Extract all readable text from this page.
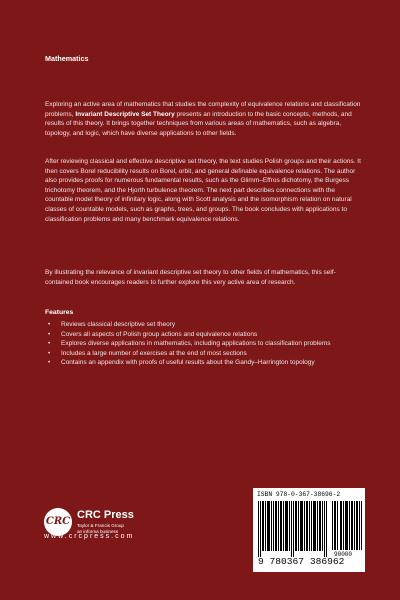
Mathematics
Exploring an active area of mathematics that studies the complexity of equivalence relations and classification problems, Invariant Descriptive Set Theory presents an introduction to the basic concepts, methods, and results of this theory. It brings together techniques from various areas of mathematics, such as algebra, topology, and logic, which have diverse applications to other fields.
After reviewing classical and effective descriptive set theory, the text studies Polish groups and their actions. It then covers Borel reducibility results on Borel, orbit, and general definable equivalence relations. The author also provides proofs for numerous fundamental results, such as the Glimm–Effros dichotomy, the Burgess trichotomy theorem, and the Hjorth turbulence theorem. The next part describes connections with the countable model theory of infinitary logic, along with Scott analysis and the isomorphism relation on natural classes of countable models, such as graphs, trees, and groups. The book concludes with applications to classification problems and many benchmark equivalence relations.
By illustrating the relevance of invariant descriptive set theory to other fields of mathematics, this self-contained book encourages readers to further explore this very active area of research.
Features
• Reviews classical descriptive set theory
• Covers all aspects of Polish group actions and equivalence relations
• Explores diverse applications in mathematics, including applications to classification problems
• Includes a large number of exercises at the end of most sections
• Contains an appendix with proofs of useful results about the Gandy–Harrington topology
CRC
CRC Press
Taylor & Francis Group
an informa business
www.crcpress.com
ISBN 978-0-367-38696-2
9 780367 386962
90000
